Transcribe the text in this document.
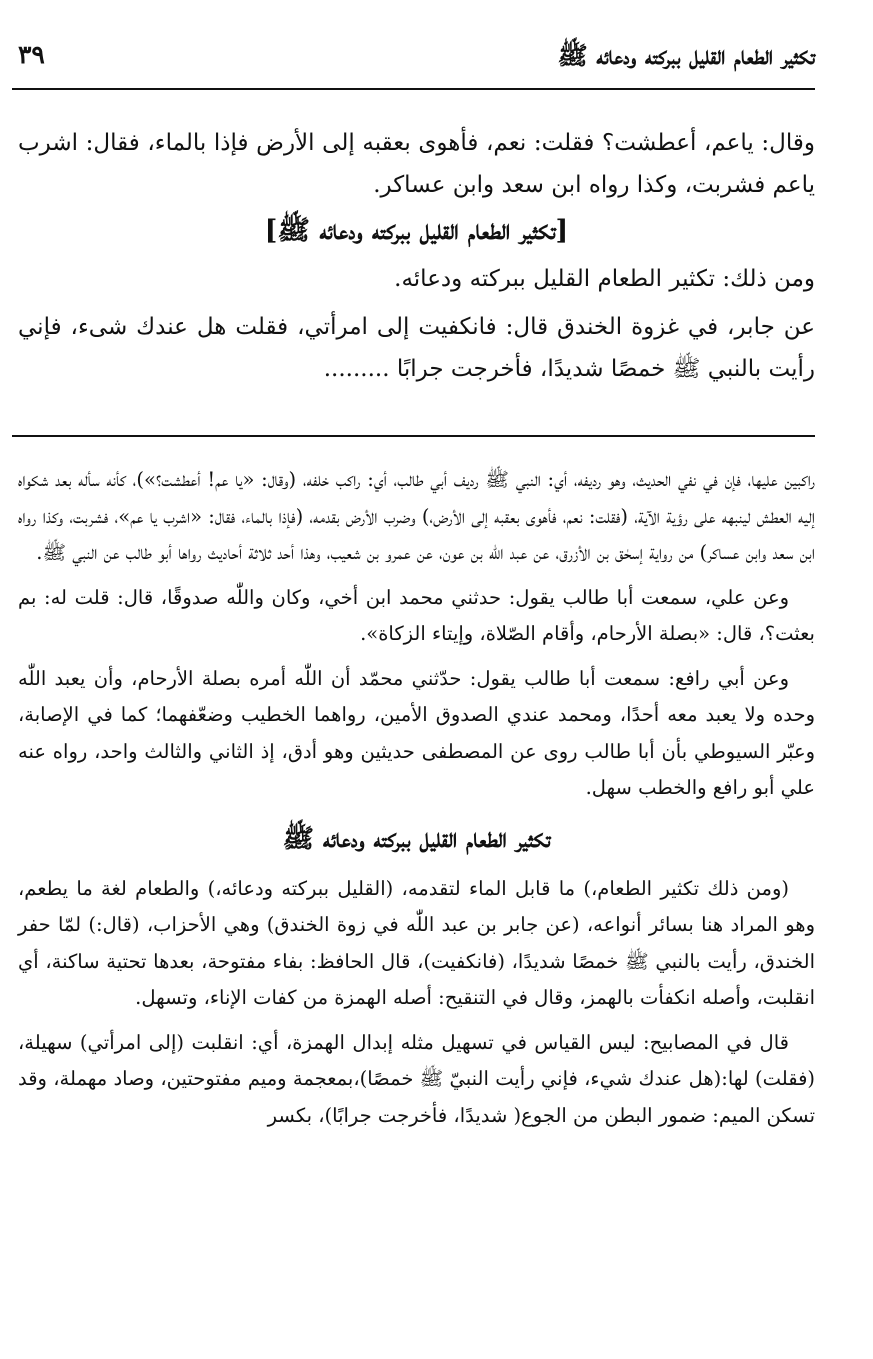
تكثير الطعام القليل ببركته ودعائه ﷺ
٣٩

وقال: ياعم، أعطشت؟ فقلت: نعم، فأهوى بعقبه إلى الأرض فإذا بالماء، فقال: اشرب ياعم فشربت، وكذا رواه ابن سعد وابن عساكر.

[تكثير الطعام القليل ببركته ودعائه ﷺ]

ومن ذلك: تكثير الطعام القليل ببركته ودعائه.

عن جابر، في غزوة الخندق قال: فانكفيت إلى امرأتي، فقلت هل عندك شىء، فإني رأيت بالنبي ﷺ خمصًا شديدًا، فأخرجت جرابًا .........

راكبين عليها، فإن في نفي الحديث، وهو رديفه، أي: النبي ﷺ رديف أبي طالب، أي: راكب خلفه، (وقال: «يا عم! أعطشت؟»)، كأنه سأله بعد شكواه إليه العطش لينبهه على رؤية الآية، (فقلت: نعم، فأهوى بعقبه إلى الأرض،) وضرب الأرض بقدمه، (فإذا بالماء، فقال: «اشرب يا عم»، فشربت، وكذا رواه ابن سعد وابن عساكر) من رواية إسحٰق بن الأزرق، عن عبد اللّٰه بن عون، عن عمرو بن شعيب، وهذا أحد ثلاثة أحاديث رواها أبو طالب عن النبي ﷺ.

وعن علي، سمعت أبا طالب يقول: حدثني محمد ابن أخي، وكان واللّٰه صدوقًا، قال: قلت له: بم بعثت؟، قال: «بصلة الأرحام، وأقام الصّلاة، وإيتاء الزكاة».

وعن أبي رافع: سمعت أبا طالب يقول: حدّثني محمّد أن اللّٰه أمره بصلة الأرحام، وأن يعبد اللّٰه وحده ولا يعبد معه أحدًا، ومحمد عندي الصدوق الأمين، رواهما الخطيب وضعّفهما؛ كما في الإصابة، وعبّر السيوطي بأن أبا طالب روى عن المصطفى حديثين وهو أدق، إذ الثاني والثالث واحد، رواه عنه علي أبو رافع والخطب سهل.

تكثير الطعام القليل ببركته ودعائه ﷺ

(ومن ذلك تكثير الطعام،) ما قابل الماء لتقدمه، (القليل ببركته ودعائه،) والطعام لغة ما يطعم، وهو المراد هنا بسائر أنواعه، (عن جابر بن عبد اللّٰه في زوة الخندق) وهي الأحزاب، (قال:) لمّا حفر الخندق، رأيت بالنبي ﷺ خمصًا شديدًا، (فانكفيت)، قال الحافظ: بفاء مفتوحة، بعدها تحتية ساكنة، أي انقلبت، وأصله انكفأت بالهمز، وقال في التنقيح: أصله الهمزة من كفات الإناء، وتسهل.

قال في المصابيح: ليس القياس في تسهيل مثله إبدال الهمزة، أي: انقلبت (إلى امرأتي) سهيلة،(فقلت) لها:(هل عندك شيء، فإني رأيت النبيّ ﷺ خمصًا)،بمعجمة وميم مفتوحتين، وصاد مهملة، وقد تسكن الميم: ضمور البطن من الجوع( شديدًا، فأخرجت جرابًا)، بكسر
